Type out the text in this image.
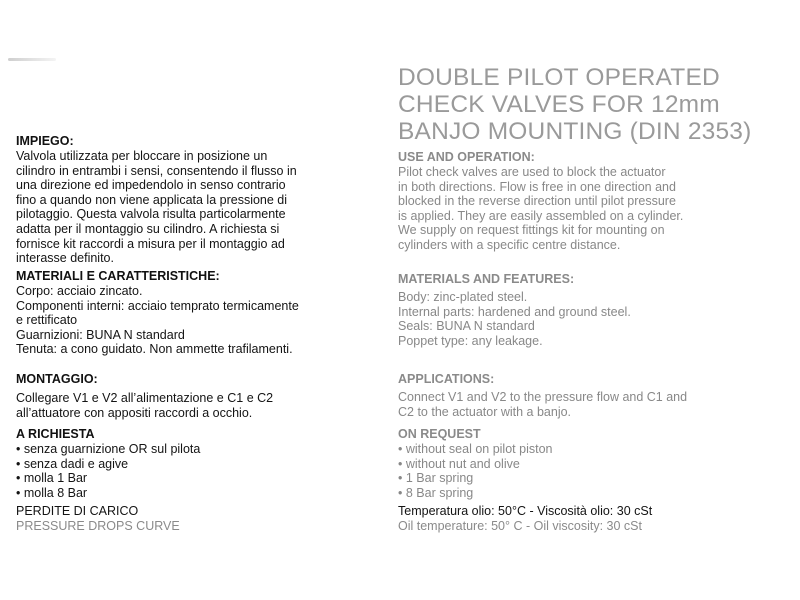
IMPIEGO:
Valvola utilizzata per bloccare in posizione un
cilindro in entrambi i sensi, consentendo il flusso in
una direzione ed impedendolo in senso contrario
fino a quando non viene applicata la pressione di
pilotaggio. Questa valvola risulta particolarmente
adatta per il montaggio su cilindro. A richiesta si
fornisce kit raccordi a misura per il montaggio ad
interasse definito.
MATERIALI E CARATTERISTICHE:
Corpo: acciaio zincato.
Componenti interni: acciaio temprato termicamente
e rettificato
Guarnizioni: BUNA N standard
Tenuta: a cono guidato. Non ammette trafilamenti.
MONTAGGIO:
Collegare V1 e V2 all’alimentazione e C1 e C2
all’attuatore con appositi raccordi a occhio.
A RICHIESTA
• senza guarnizione OR sul pilota
• senza dadi e agive
• molla 1 Bar
• molla 8 Bar
PERDITE DI CARICO
PRESSURE DROPS CURVE
DOUBLE PILOT OPERATED
CHECK VALVES FOR 12mm
BANJO MOUNTING (DIN 2353)
USE AND OPERATION:
Pilot check valves are used to block the actuator
in both directions. Flow is free in one direction and
blocked in the reverse direction until pilot pressure
is applied. They are easily assembled on a cylinder.
We supply on request fittings kit for mounting on
cylinders with a specific centre distance.
MATERIALS AND FEATURES:
Body: zinc-plated steel.
Internal parts: hardened and ground steel.
Seals: BUNA N standard
Poppet type: any leakage.
APPLICATIONS:
Connect V1 and V2 to the pressure flow and C1 and
C2 to the actuator with a banjo.
ON REQUEST
• without seal on pilot piston
• without nut and olive
• 1 Bar spring
• 8 Bar spring
Temperatura olio: 50°C - Viscosità olio: 30 cSt
Oil temperature: 50° C - Oil viscosity: 30 cSt
